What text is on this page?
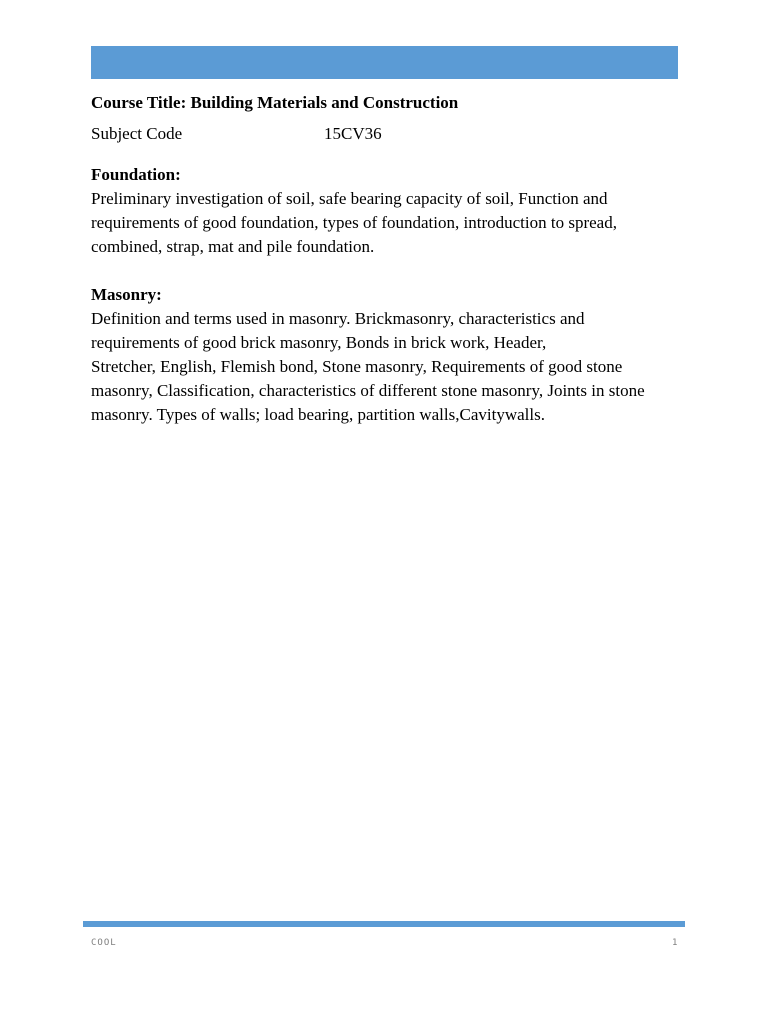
Course Title: Building Materials and Construction

Subject Code	15CV36

Foundation:

Preliminary investigation of soil, safe bearing capacity of soil, Function and
requirements of good foundation, types of foundation, introduction to spread,
combined, strap, mat and pile foundation.

Masonry:

Definition and terms used in masonry. Brickmasonry, characteristics and
requirements of good brick masonry, Bonds in brick work, Header,
Stretcher, English, Flemish bond, Stone masonry, Requirements of good stone
masonry, Classification, characteristics of different stone masonry, Joints in stone
masonry. Types of walls; load bearing, partition walls,Cavitywalls.
COOL	1
